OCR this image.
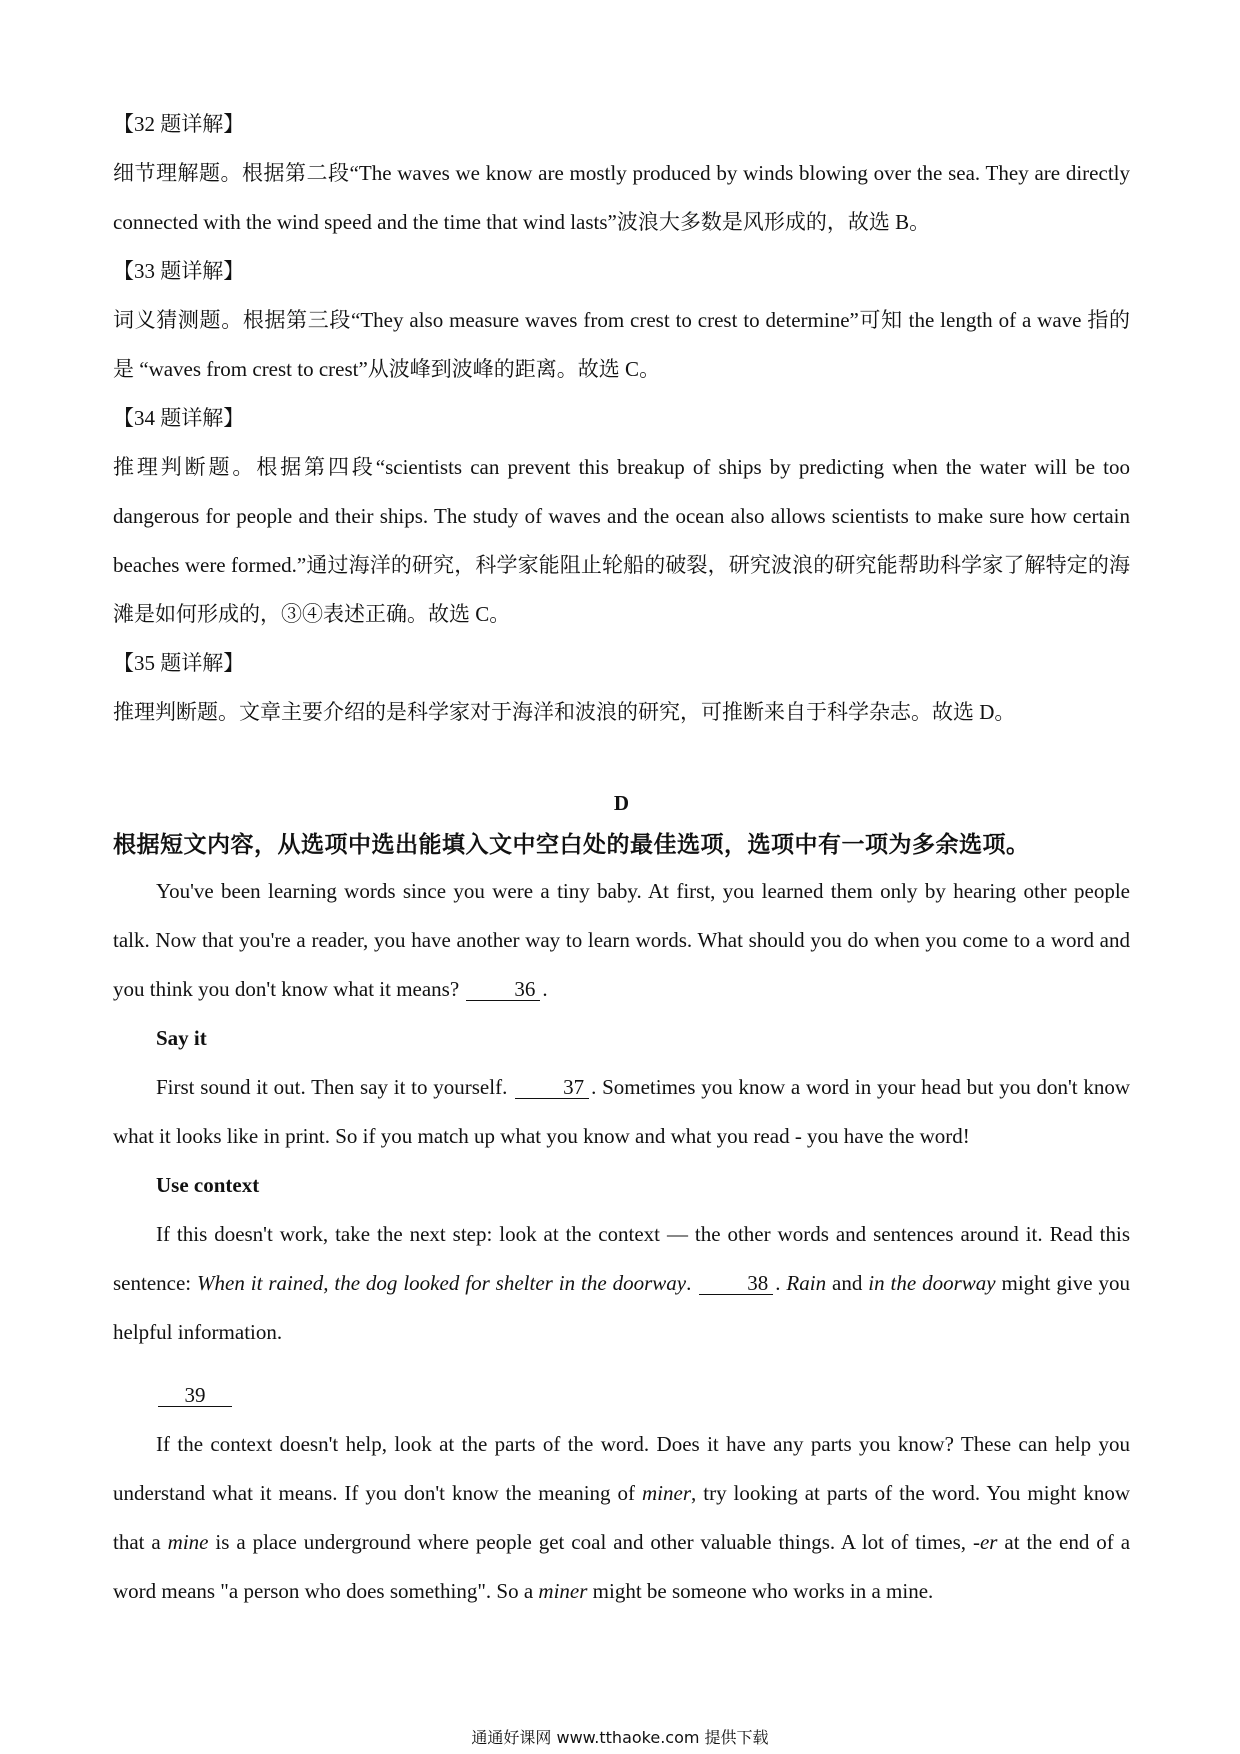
【32 题详解】
细节理解题。根据第二段“The waves we know are mostly produced by winds blowing over the sea. They are directly connected with the wind speed and the time that wind lasts”波浪大多数是风形成的，故选 B。
【33 题详解】
词义猜测题。根据第三段“They also measure waves from crest to crest to determine”可知 the length of a wave 指的是 “waves from crest to crest”从波峰到波峰的距离。故选 C。
【34 题详解】
推理判断题。根据第四段“scientists can prevent this breakup of ships by predicting when the water will be too dangerous for people and their ships. The study of waves and the ocean also allows scientists to make sure how certain beaches were formed.”通过海洋的研究，科学家能阻止轮船的破裂，研究波浪的研究能帮助科学家了解特定的海滩是如何形成的，③④表述正确。故选 C。
【35 题详解】
推理判断题。文章主要介绍的是科学家对于海洋和波浪的研究，可推断来自于科学杂志。故选 D。
D
根据短文内容，从选项中选出能填入文中空白处的最佳选项，选项中有一项为多余选项。
You've been learning words since you were a tiny baby. At first, you learned them only by hearing other people talk. Now that you're a reader, you have another way to learn words. What should you do when you come to a word and you think you don't know what it means?	36 .
Say it
First sound it out. Then say it to yourself.	37 . Sometimes you know a word in your head but you don't know what it looks like in print. So if you match up what you know and what you read - you have the word!
Use context
If this doesn't work, take the next step: look at the context — the other words and sentences around it. Read this sentence: When it rained, the dog looked for shelter in the doorway.	38 . Rain and in the doorway might give you helpful information.
39
If the context doesn't help, look at the parts of the word. Does it have any parts you know? These can help you understand what it means. If you don't know the meaning of miner, try looking at parts of the word. You might know that a mine is a place underground where people get coal and other valuable things. A lot of times, -er at the end of a word means "a person who does something". So a miner might be someone who works in a mine.
通通好课网 www.tthaoke.com 提供下载
